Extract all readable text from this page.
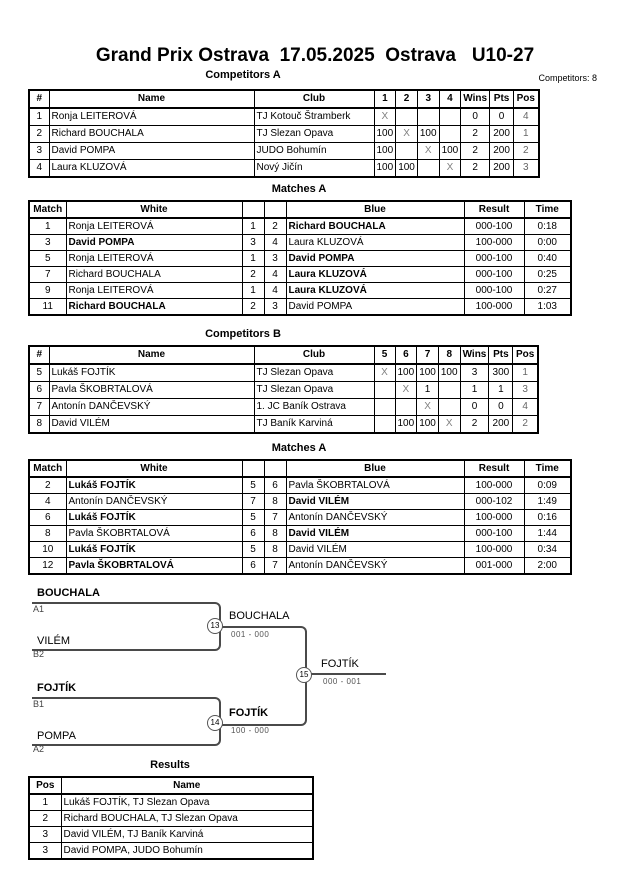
Grand Prix Ostrava  17.05.2025  Ostrava   U10-27
Competitors A	Competitors: 8
#	Name	Club	1	2	3	4	Wins	Pts	Pos
1	Ronja LEITEROVÁ	TJ Kotouč Štramberk	X				0	0	4
2	Richard BOUCHALA	TJ Slezan Opava	100	X	100		2	200	1
3	David POMPA	JUDO Bohumín	100		X	100	2	200	2
4	Laura KLUZOVÁ	Nový Jičín	100	100		X	2	200	3
Matches A
Match	White			Blue	Result	Time
1	Ronja LEITEROVÁ	1	2	Richard BOUCHALA	000-100	0:18
3	David POMPA	3	4	Laura KLUZOVÁ	100-000	0:00
5	Ronja LEITEROVÁ	1	3	David POMPA	000-100	0:40
7	Richard BOUCHALA	2	4	Laura KLUZOVÁ	000-100	0:25
9	Ronja LEITEROVÁ	1	4	Laura KLUZOVÁ	000-100	0:27
11	Richard BOUCHALA	2	3	David POMPA	100-000	1:03
Competitors B
#	Name	Club	5	6	7	8	Wins	Pts	Pos
5	Lukáš FOJTÍK	TJ Slezan Opava	X	100	100	100	3	300	1
6	Pavla ŠKOBRTALOVÁ	TJ Slezan Opava		X	1		1	1	3
7	Antonín DANČEVSKÝ	1. JC Baník Ostrava			X		0	0	4
8	David VILÉM	TJ Baník Karviná		100	100	X	2	200	2
Matches A
Match	White			Blue	Result	Time
2	Lukáš FOJTÍK	5	6	Pavla ŠKOBRTALOVÁ	100-000	0:09
4	Antonín DANČEVSKÝ	7	8	David VILÉM	000-102	1:49
6	Lukáš FOJTÍK	5	7	Antonín DANČEVSKÝ	100-000	0:16
8	Pavla ŠKOBRTALOVÁ	6	8	David VILÉM	000-100	1:44
10	Lukáš FOJTÍK	5	8	David VILÉM	100-000	0:34
12	Pavla ŠKOBRTALOVÁ	6	7	Antonín DANČEVSKÝ	001-000	2:00
BOUCHALA
A1
VILÉM
B2
FOJTÍK
B1
POMPA
A2
13
BOUCHALA
001 - 000
14
FOJTÍK
100 - 000
15
FOJTÍK
000 - 001
Results
Pos	Name
1	Lukáš FOJTÍK, TJ Slezan Opava
2	Richard BOUCHALA, TJ Slezan Opava
3	David VILÉM, TJ Baník Karviná
3	David POMPA, JUDO Bohumín
